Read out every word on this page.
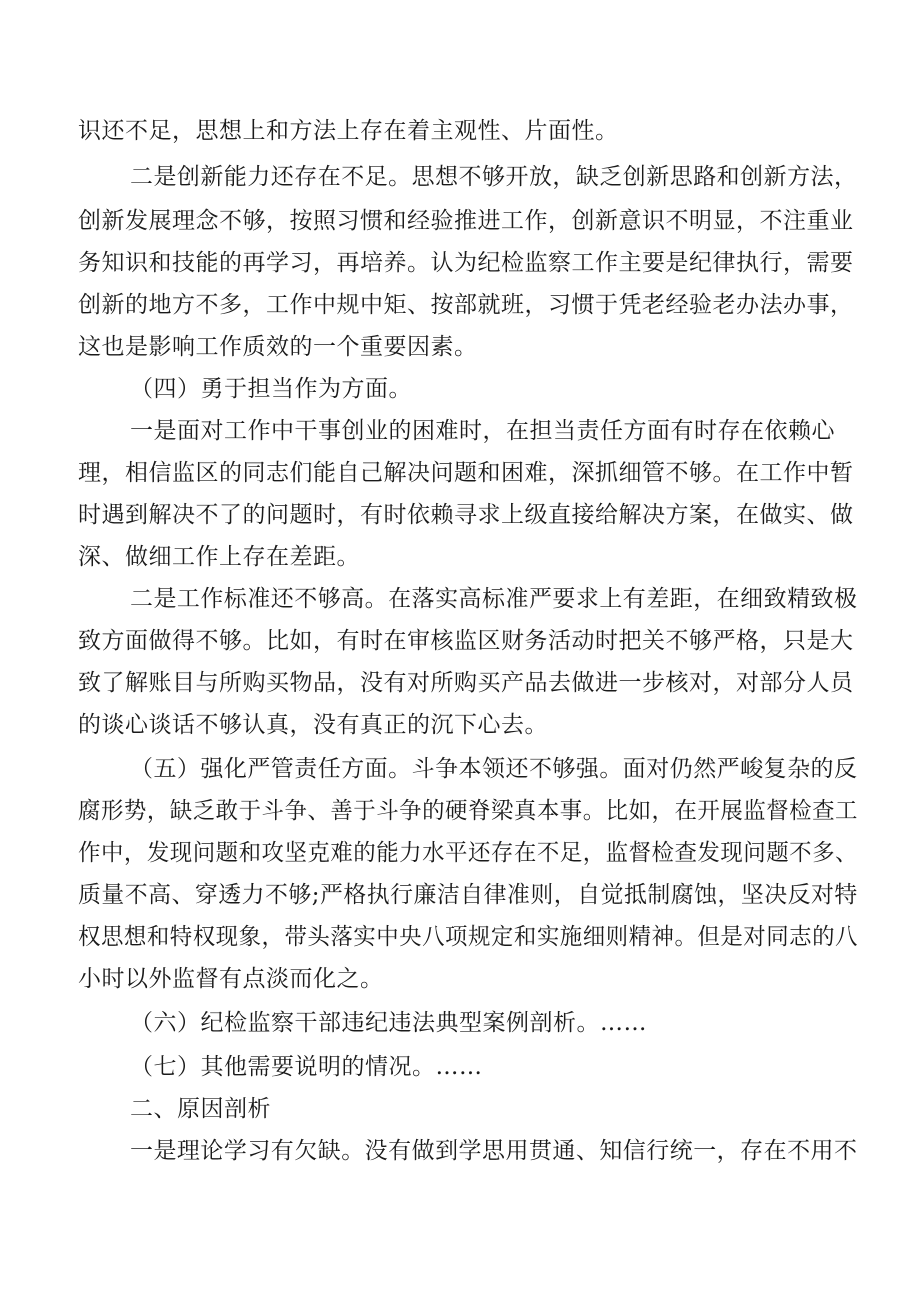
识还不足，思想上和方法上存在着主观性、片面性。
二是创新能力还存在不足。思想不够开放，缺乏创新思路和创新方法，
创新发展理念不够，按照习惯和经验推进工作，创新意识不明显，不注重业
务知识和技能的再学习，再培养。认为纪检监察工作主要是纪律执行，需要
创新的地方不多，工作中规中矩、按部就班，习惯于凭老经验老办法办事，
这也是影响工作质效的一个重要因素。
（四）勇于担当作为方面。
一是面对工作中干事创业的困难时，在担当责任方面有时存在依赖心
理，相信监区的同志们能自己解决问题和困难，深抓细管不够。在工作中暂
时遇到解决不了的问题时，有时依赖寻求上级直接给解决方案，在做实、做
深、做细工作上存在差距。
二是工作标准还不够高。在落实高标准严要求上有差距，在细致精致极
致方面做得不够。比如，有时在审核监区财务活动时把关不够严格，只是大
致了解账目与所购买物品，没有对所购买产品去做进一步核对，对部分人员
的谈心谈话不够认真，没有真正的沉下心去。
（五）强化严管责任方面。斗争本领还不够强。面对仍然严峻复杂的反
腐形势，缺乏敢于斗争、善于斗争的硬脊梁真本事。比如，在开展监督检查工
作中，发现问题和攻坚克难的能力水平还存在不足，监督检查发现问题不多、
质量不高、穿透力不够;严格执行廉洁自律准则，自觉抵制腐蚀，坚决反对特
权思想和特权现象，带头落实中央八项规定和实施细则精神。但是对同志的八
小时以外监督有点淡而化之。
（六）纪检监察干部违纪违法典型案例剖析。……
（七）其他需要说明的情况。……
二、原因剖析
一是理论学习有欠缺。没有做到学思用贯通、知信行统一，存在不用不
